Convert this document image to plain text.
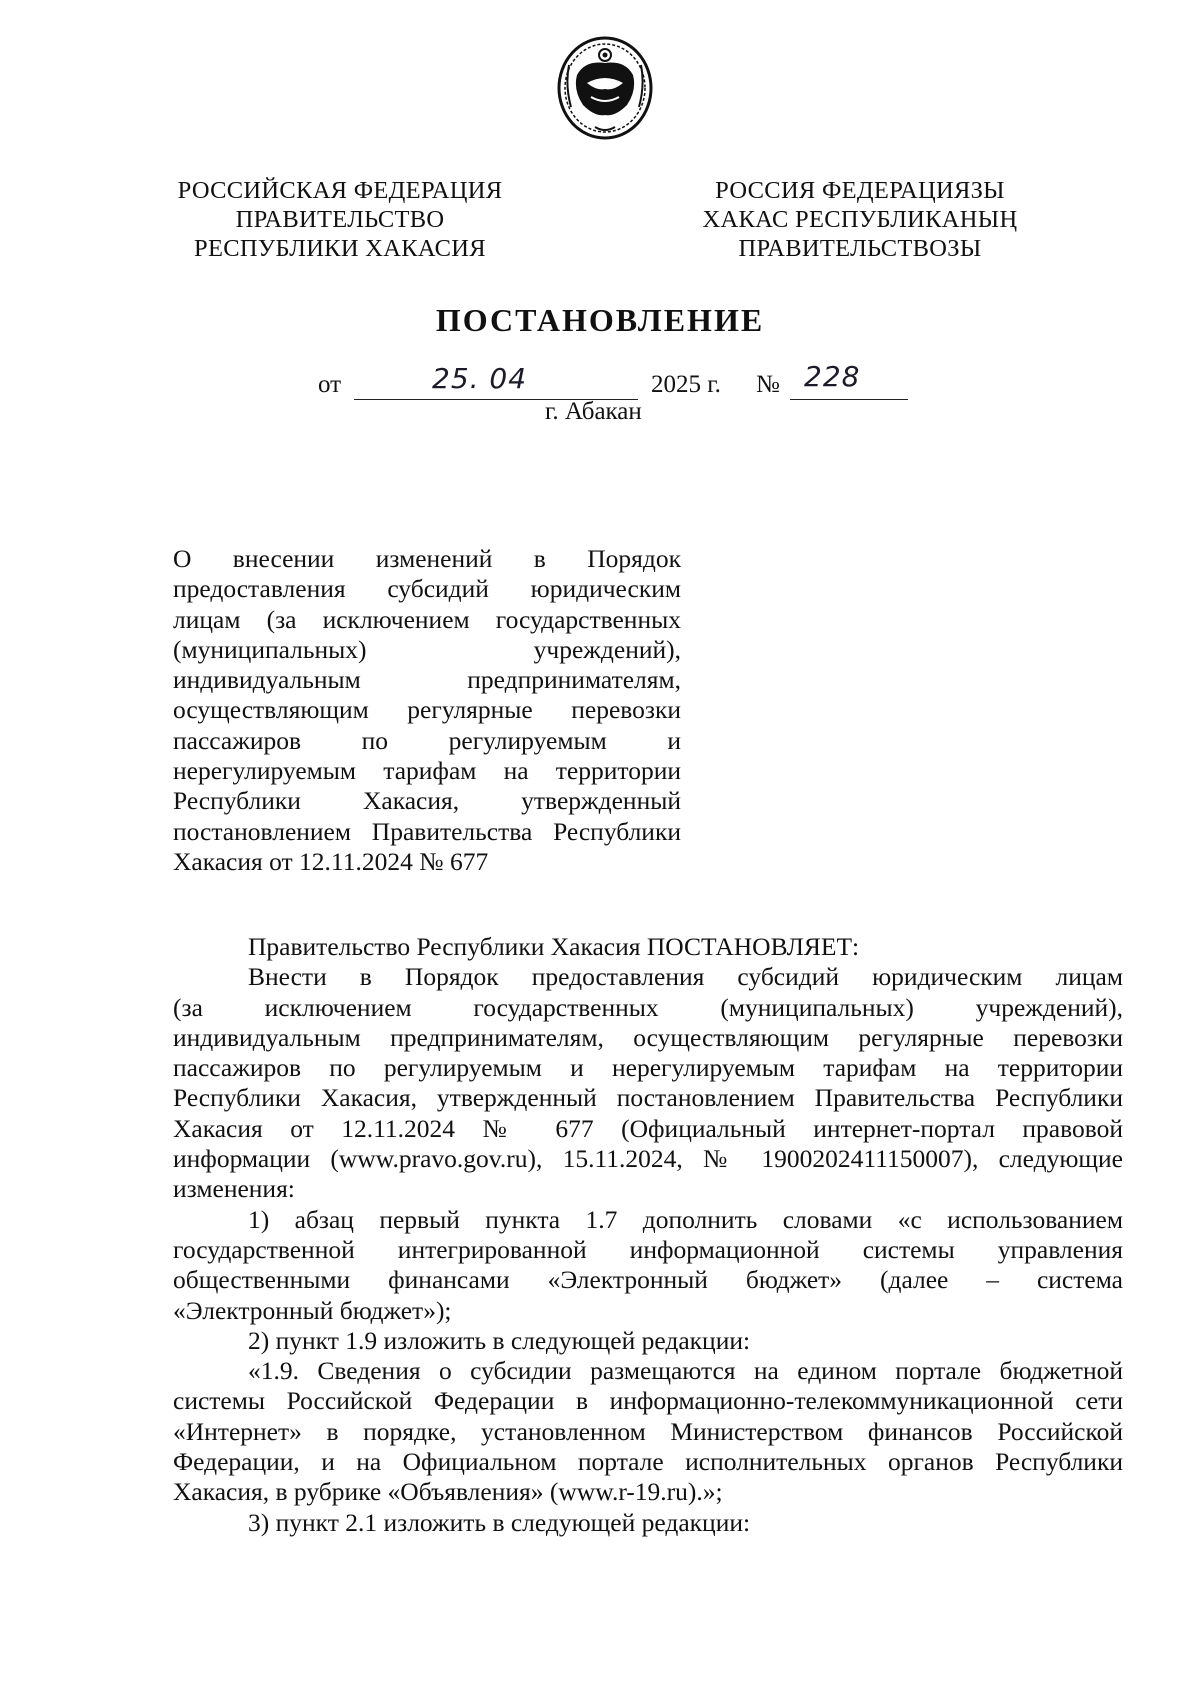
РОССИЙСКАЯ ФЕДЕРАЦИЯ
ПРАВИТЕЛЬСТВО
РЕСПУБЛИКИ ХАКАСИЯ
РОССИЯ ФЕДЕРАЦИЯЗЫ
ХАКАС РЕСПУБЛИКАНЫҢ
ПРАВИТЕЛЬСТВОЗЫ
ПОСТАНОВЛЕНИЕ
от	25. 04	2025 г. № 228
г. Абакан
О внесении изменений в Порядок
предоставления субсидий юридическим
лицам (за исключением государственных
(муниципальных) учреждений),
индивидуальным предпринимателям,
осуществляющим регулярные перевозки
пассажиров по регулируемым и
нерегулируемым тарифам на территории
Республики Хакасия, утвержденный
постановлением Правительства Республики
Хакасия от 12.11.2024 № 677
Правительство Республики Хакасия ПОСТАНОВЛЯЕТ:
Внести в Порядок предоставления субсидий юридическим лицам
(за исключением государственных (муниципальных) учреждений),
индивидуальным предпринимателям, осуществляющим регулярные перевозки
пассажиров по регулируемым и нерегулируемым тарифам на территории
Республики Хакасия, утвержденный постановлением Правительства Республики
Хакасия от 12.11.2024 № 677 (Официальный интернет-портал правовой
информации (www.pravo.gov.ru), 15.11.2024, № 1900202411150007), следующие
изменения:
1) абзац первый пункта 1.7 дополнить словами «с использованием
государственной интегрированной информационной системы управления
общественными финансами «Электронный бюджет» (далее – система
«Электронный бюджет»);
2) пункт 1.9 изложить в следующей редакции:
«1.9. Сведения о субсидии размещаются на едином портале бюджетной
системы Российской Федерации в информационно-телекоммуникационной сети
«Интернет» в порядке, установленном Министерством финансов Российской
Федерации, и на Официальном портале исполнительных органов Республики
Хакасия, в рубрике «Объявления» (www.r-19.ru).»;
3) пункт 2.1 изложить в следующей редакции:
